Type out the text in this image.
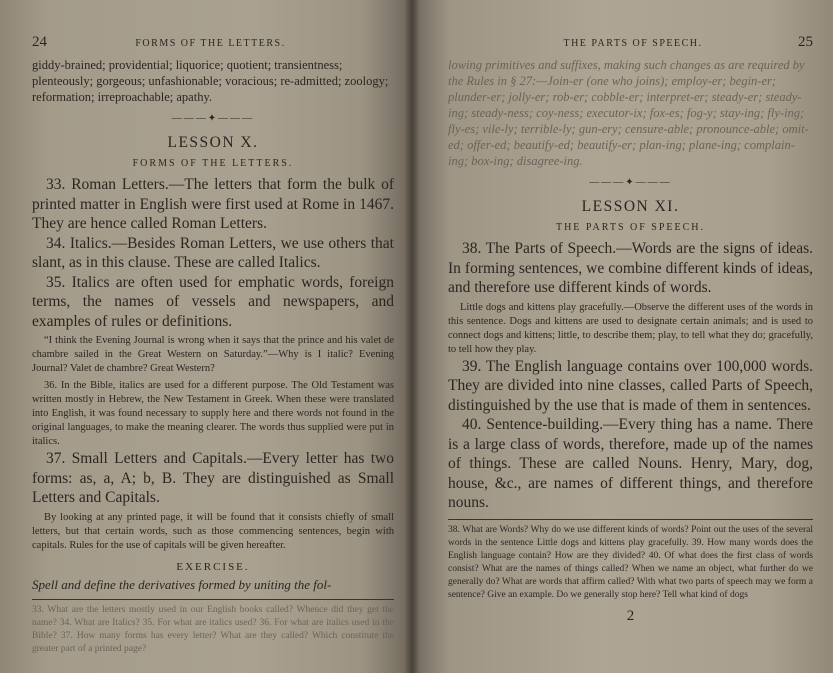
24	FORMS OF THE LETTERS.

giddy-brained; providential; liquorice; quotient; transientness; plenteously; gorgeous; unfashionable; voracious; re-admitted; zoology; reformation; irreproachable; apathy.

———✦———
LESSON X.
FORMS OF THE LETTERS.

33. Roman Letters.—The letters that form the bulk of printed matter in English were first used at Rome in 1467. They are hence called Roman Letters.

34. Italics.—Besides Roman Letters, we use others that slant, as in this clause. These are called Italics.

35. Italics are often used for emphatic words, foreign terms, the names of vessels and newspapers, and examples of rules or definitions.

“I think the Evening Journal is wrong when it says that the prince and his valet de chambre sailed in the Great Western on Saturday.”—Why is I italic? Evening Journal? Valet de chambre? Great Western?

36. In the Bible, italics are used for a different purpose. The Old Testament was written mostly in Hebrew, the New Testament in Greek. When these were translated into English, it was found necessary to supply here and there words not found in the original languages, to make the meaning clearer. The words thus supplied were put in italics.

37. Small Letters and Capitals.—Every letter has two forms: as, a, A; b, B. They are distinguished as Small Letters and Capitals.

By looking at any printed page, it will be found that it consists chiefly of small letters, but that certain words, such as those commencing sentences, begin with capitals. Rules for the use of capitals will be given hereafter.

EXERCISE.

Spell and define the derivatives formed by uniting the fol-

33. What are the letters mostly used in our English books called? Whence did they get the name? 34. What are Italics? 35. For what are italics used? 36. For what are italics used in the Bible? 37. How many forms has every letter? What are they called? Which constitute the greater part of a printed page?

THE PARTS OF SPEECH.	25

lowing primitives and suffixes, making such changes as are required by the Rules in § 27:—Join-er (one who joins); employ-er; begin-er; plunder-er; jolly-er; rob-er; cobble-er; interpret-er; steady-er; steady-ing; steady-ness; coy-ness; executor-ix; fox-es; fog-y; stay-ing; fly-ing; fly-es; vile-ly; terrible-ly; gun-ery; censure-able; pronounce-able; omit-ed; offer-ed; beautify-ed; beautify-er; plan-ing; plane-ing; complain-ing; box-ing; disagree-ing.

———✦———
LESSON XI.
THE PARTS OF SPEECH.

38. The Parts of Speech.—Words are the signs of ideas. In forming sentences, we combine different kinds of ideas, and therefore use different kinds of words.

Little dogs and kittens play gracefully.—Observe the different uses of the words in this sentence. Dogs and kittens are used to designate certain animals; and is used to connect dogs and kittens; little, to describe them; play, to tell what they do; gracefully, to tell how they play.

39. The English language contains over 100,000 words. They are divided into nine classes, called Parts of Speech, distinguished by the use that is made of them in sentences.

40. Sentence-building.—Every thing has a name. There is a large class of words, therefore, made up of the names of things. These are called Nouns. Henry, Mary, dog, house, &c., are names of different things, and therefore nouns.

38. What are Words? Why do we use different kinds of words? Point out the uses of the several words in the sentence Little dogs and kittens play gracefully. 39. How many words does the English language contain? How are they divided? 40. Of what does the first class of words consist? What are the names of things called? When we name an object, what further do we generally do? What are words that affirm called? With what two parts of speech may we form a sentence? Give an example. Do we generally stop here? Tell what kind of dogs

2
